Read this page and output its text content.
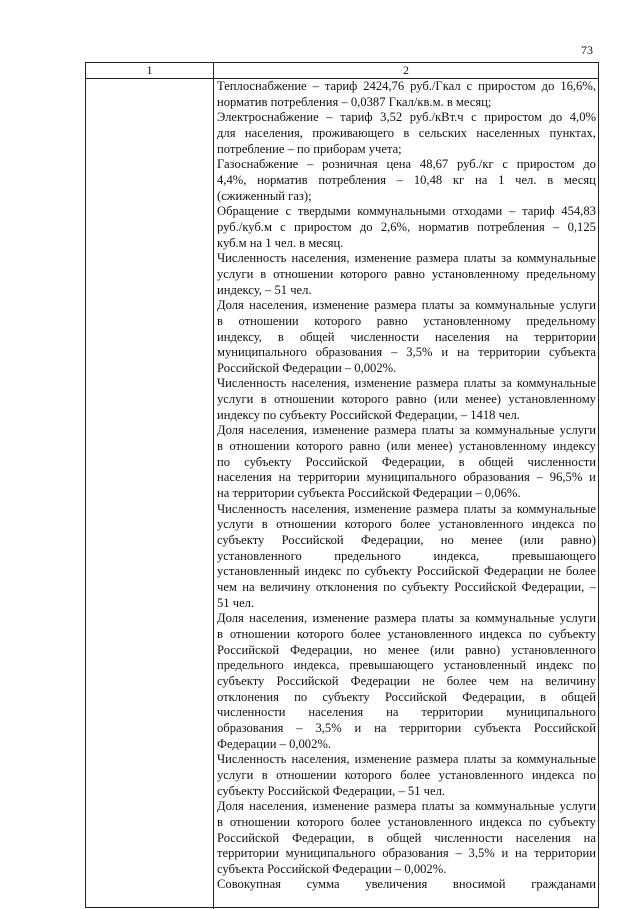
73
1	2
Теплоснабжение – тариф 2424,76 руб./Гкал с приростом до 16,6%,
норматив потребления – 0,0387 Гкал/кв.м. в месяц;
Электроснабжение – тариф 3,52 руб./кВт.ч с приростом до 4,0%
для населения, проживающего в сельских населенных пунктах,
потребление – по приборам учета;
Газоснабжение – розничная цена 48,67 руб./кг с приростом до
4,4%, норматив потребления – 10,48 кг на 1 чел. в месяц
(сжиженный газ);
Обращение с твердыми коммунальными отходами – тариф 454,83
руб./куб.м с приростом до 2,6%, норматив потребления – 0,125
куб.м на 1 чел. в месяц.
Численность населения, изменение размера платы за коммунальные
услуги в отношении которого равно установленному предельному
индексу, – 51 чел.
Доля населения, изменение размера платы за коммунальные услуги
в отношении которого равно установленному предельному
индексу, в общей численности населения на территории
муниципального образования – 3,5% и на территории субъекта
Российской Федерации – 0,002%.
Численность населения, изменение размера платы за коммунальные
услуги в отношении которого равно (или менее) установленному
индексу по субъекту Российской Федерации, – 1418 чел.
Доля населения, изменение размера платы за коммунальные услуги
в отношении которого равно (или менее) установленному индексу
по субъекту Российской Федерации, в общей численности
населения на территории муниципального образования – 96,5% и
на территории субъекта Российской Федерации – 0,06%.
Численность населения, изменение размера платы за коммунальные
услуги в отношении которого более установленного индекса по
субъекту Российской Федерации, но менее (или равно)
установленного	предельного	индекса,	превышающего
установленный индекс по субъекту Российской Федерации не более
чем на величину отклонения по субъекту Российской Федерации, –
51 чел.
Доля населения, изменение размера платы за коммунальные услуги
в отношении которого более установленного индекса по субъекту
Российской Федерации, но менее (или равно) установленного
предельного индекса, превышающего установленный индекс по
субъекту Российской Федерации не более чем на величину
отклонения по субъекту Российской Федерации, в общей
численности населения на территории муниципального
образования – 3,5% и на территории субъекта Российской
Федерации – 0,002%.
Численность населения, изменение размера платы за коммунальные
услуги в отношении которого более установленного индекса по
субъекту Российской Федерации, – 51 чел.
Доля населения, изменение размера платы за коммунальные услуги
в отношении которого более установленного индекса по субъекту
Российской Федерации, в общей численности населения на
территории муниципального образования – 3,5% и на территории
субъекта Российской Федерации – 0,002%.
Совокупная сумма увеличения вносимой гражданами
